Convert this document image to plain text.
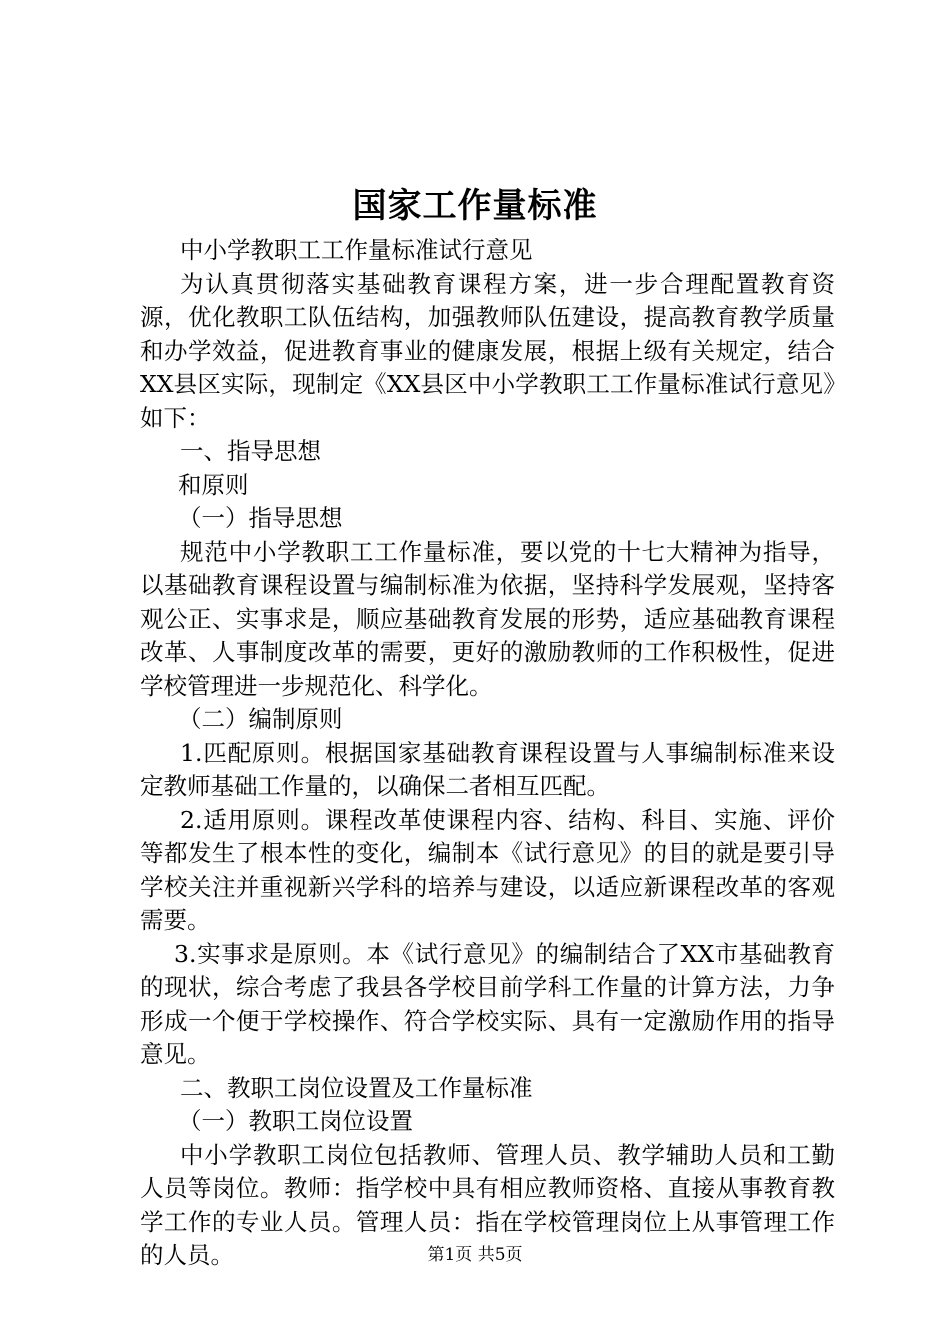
国家工作量标准

中小学教职工工作量标准试行意见

为认真贯彻落实基础教育课程方案，进一步合理配置教育资源，优化教职工队伍结构，加强教师队伍建设，提高教育教学质量和办学效益，促进教育事业的健康发展，根据上级有关规定，结合XX县区实际，现制定《XX县区中小学教职工工作量标准试行意见》如下：

一、指导思想

和原则

（一）指导思想

规范中小学教职工工作量标准，要以党的十七大精神为指导，以基础教育课程设置与编制标准为依据，坚持科学发展观，坚持客观公正、实事求是，顺应基础教育发展的形势，适应基础教育课程改革、人事制度改革的需要，更好的激励教师的工作积极性，促进学校管理进一步规范化、科学化。

（二）编制原则

1.匹配原则。根据国家基础教育课程设置与人事编制标准来设定教师基础工作量的，以确保二者相互匹配。

2.适用原则。课程改革使课程内容、结构、科目、实施、评价等都发生了根本性的变化，编制本《试行意见》的目的就是要引导学校关注并重视新兴学科的培养与建设，以适应新课程改革的客观需要。

3.实事求是原则。本《试行意见》的编制结合了XX市基础教育的现状，综合考虑了我县各学校目前学科工作量的计算方法，力争形成一个便于学校操作、符合学校实际、具有一定激励作用的指导意见。

二、教职工岗位设置及工作量标准

（一）教职工岗位设置

中小学教职工岗位包括教师、管理人员、教学辅助人员和工勤人员等岗位。教师：指学校中具有相应教师资格、直接从事教育教学工作的专业人员。管理人员：指在学校管理岗位上从事管理工作的人员。	第1页 共5页
